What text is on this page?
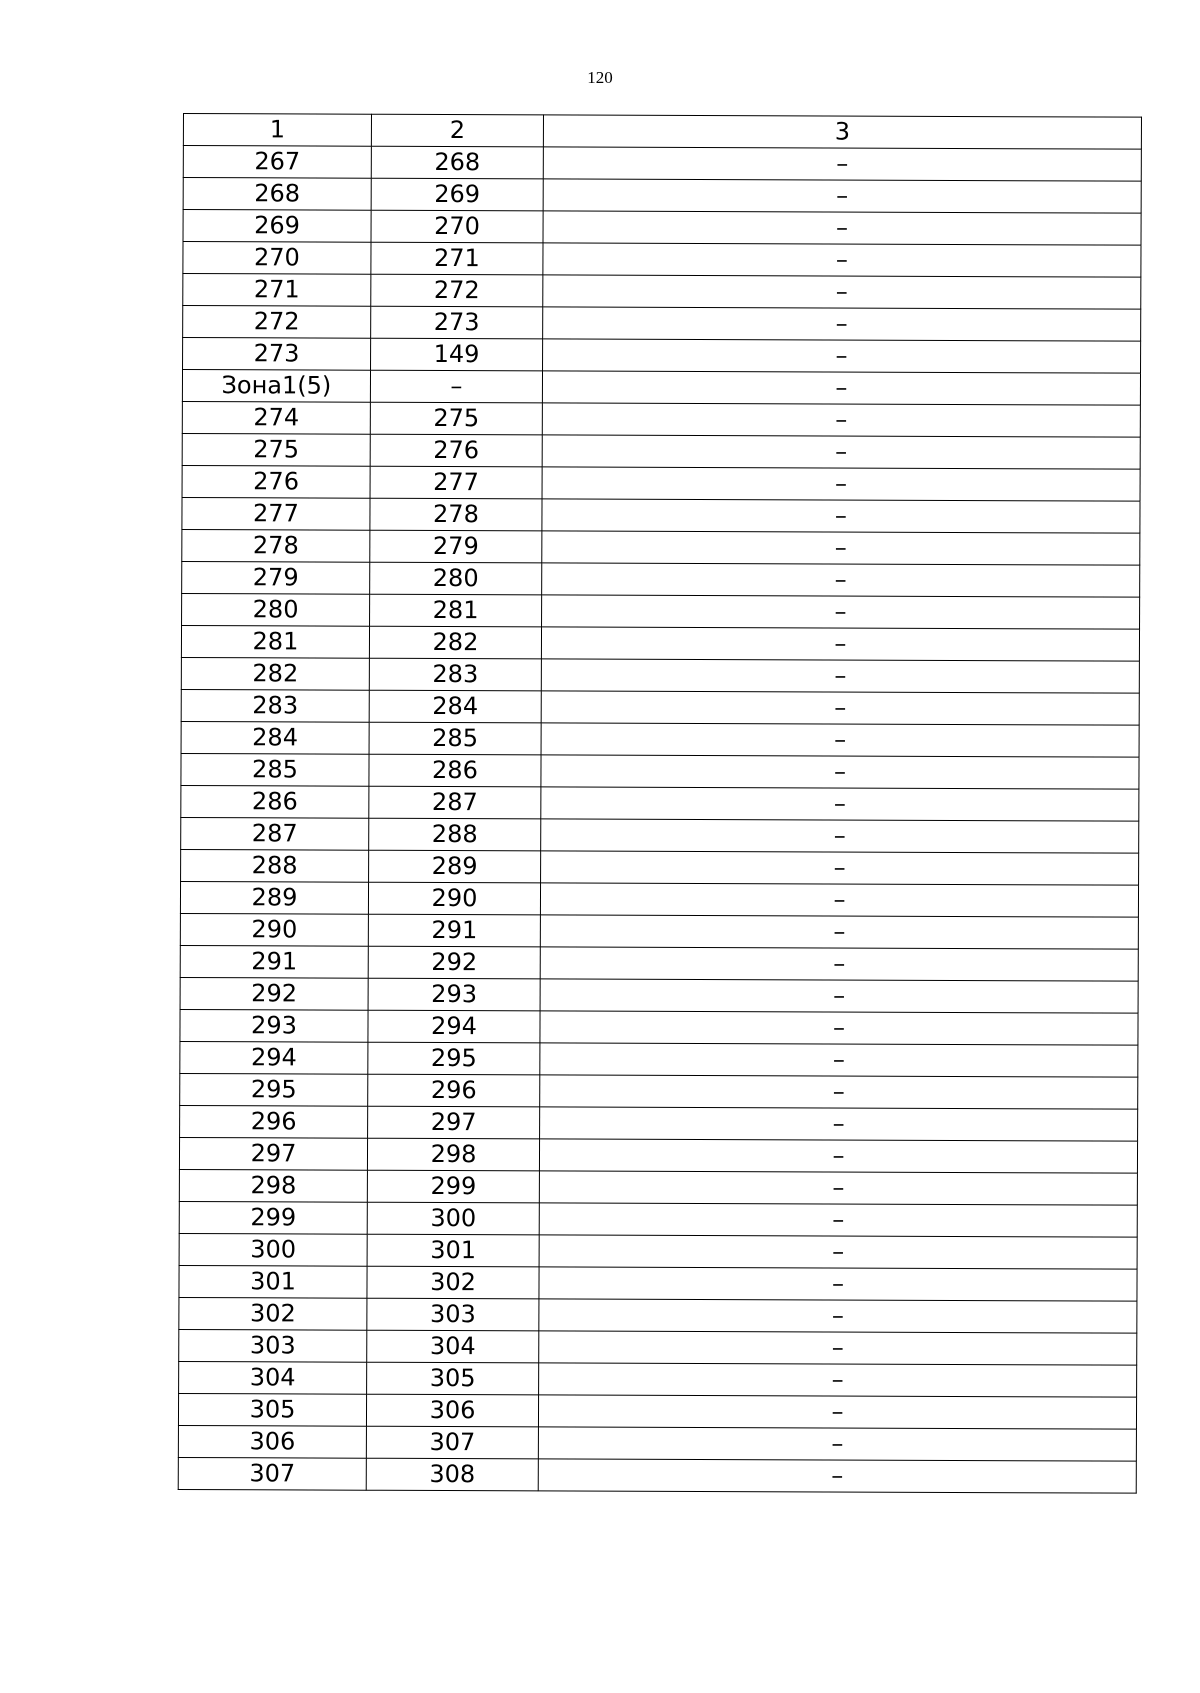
120
1	2	3
267	268	–
268	269	–
269	270	–
270	271	–
271	272	–
272	273	–
273	149	–
Зона1(5)	–	–
274	275	–
275	276	–
276	277	–
277	278	–
278	279	–
279	280	–
280	281	–
281	282	–
282	283	–
283	284	–
284	285	–
285	286	–
286	287	–
287	288	–
288	289	–
289	290	–
290	291	–
291	292	–
292	293	–
293	294	–
294	295	–
295	296	–
296	297	–
297	298	–
298	299	–
299	300	–
300	301	–
301	302	–
302	303	–
303	304	–
304	305	–
305	306	–
306	307	–
307	308	–
